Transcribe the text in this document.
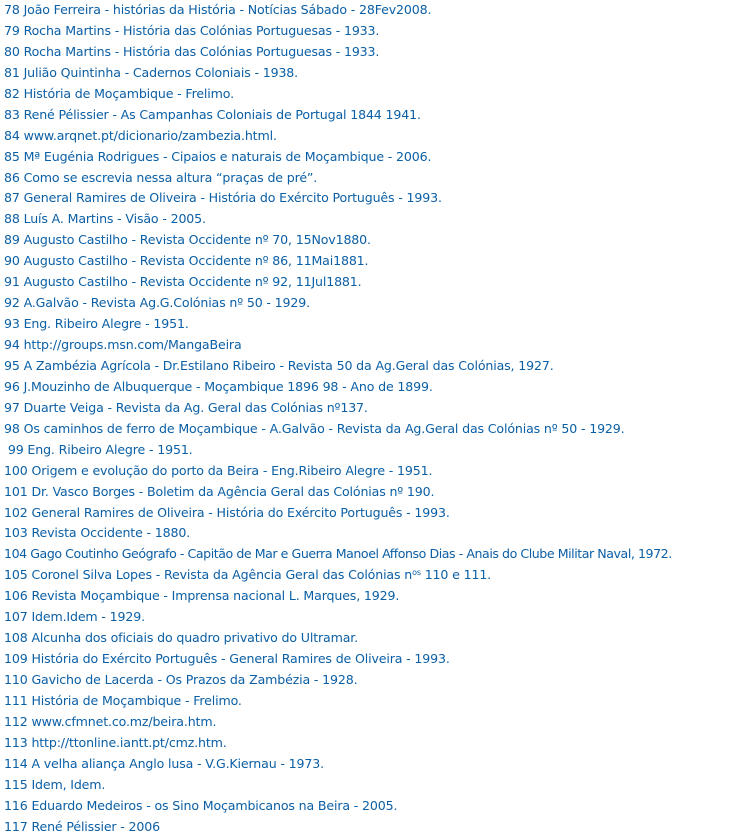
78 João Ferreira - histórias da História - Notícias Sábado - 28Fev2008.
79 Rocha Martins - História das Colónias Portuguesas - 1933.
80 Rocha Martins - História das Colónias Portuguesas - 1933.
81 Julião Quintinha - Cadernos Coloniais - 1938.
82 História de Moçambique - Frelimo.
83 René Pélissier - As Campanhas Coloniais de Portugal 1844 1941.
84 www.arqnet.pt/dicionario/zambezia.html.
85 Mª Eugénia Rodrigues - Cipaios e naturais de Moçambique - 2006.
86 Como se escrevia nessa altura “praças de pré”.
87 General Ramires de Oliveira - História do Exército Português - 1993.
88 Luís A. Martins - Visão - 2005.
89 Augusto Castilho - Revista Occidente nº 70, 15Nov1880.
90 Augusto Castilho - Revista Occidente nº 86, 11Mai1881.
91 Augusto Castilho - Revista Occidente nº 92, 11Jul1881.
92 A.Galvão - Revista Ag.G.Colónias nº 50 - 1929.
93 Eng. Ribeiro Alegre - 1951.
94 http://groups.msn.com/MangaBeira
95 A Zambézia Agrícola - Dr.Estilano Ribeiro - Revista 50 da Ag.Geral das Colónias, 1927.
96 J.Mouzinho de Albuquerque - Moçambique 1896 98 - Ano de 1899.
97 Duarte Veiga - Revista da Ag. Geral das Colónias nº137.
98 Os caminhos de ferro de Moçambique - A.Galvão - Revista da Ag.Geral das Colónias nº 50 - 1929.
99 Eng. Ribeiro Alegre - 1951.
100 Origem e evolução do porto da Beira - Eng.Ribeiro Alegre - 1951.
101 Dr. Vasco Borges - Boletim da Agência Geral das Colónias nº 190.
102 General Ramires de Oliveira - História do Exército Português - 1993.
103 Revista Occidente - 1880.
104 Gago Coutinho Geógrafo - Capitão de Mar e Guerra Manoel Affonso Dias - Anais do Clube Militar Naval, 1972.
105 Coronel Silva Lopes - Revista da Agência Geral das Colónias $n^{os}$ 110 e 111.
106 Revista Moçambique - Imprensa nacional L. Marques, 1929.
107 Idem.Idem - 1929.
108 Alcunha dos oficiais do quadro privativo do Ultramar.
109 História do Exército Português - General Ramires de Oliveira - 1993.
110 Gavicho de Lacerda - Os Prazos da Zambézia - 1928.
111 História de Moçambique - Frelimo.
112 www.cfmnet.co.mz/beira.htm.
113 http://ttonline.iantt.pt/cmz.htm.
114 A velha aliança Anglo lusa - V.G.Kiernau - 1973.
115 Idem, Idem.
116 Eduardo Medeiros - os Sino Moçambicanos na Beira - 2005.
117 René Pélissier - 2006
